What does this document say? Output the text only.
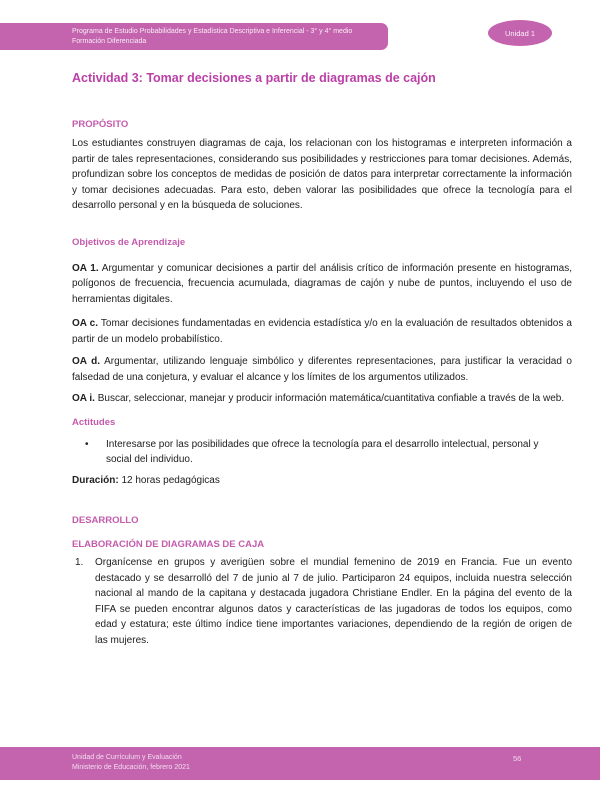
Programa de Estudio Probabilidades y Estadística Descriptiva e Inferencial - 3° y 4° medio
Formación Diferenciada
Unidad 1
Actividad 3: Tomar decisiones a partir de diagramas de cajón
PROPÓSITO

Los estudiantes construyen diagramas de caja, los relacionan con los histogramas e interpreten información a partir de tales representaciones, considerando sus posibilidades y restricciones para tomar decisiones. Además, profundizan sobre los conceptos de medidas de posición de datos para interpretar correctamente la información y tomar decisiones adecuadas. Para esto, deben valorar las posibilidades que ofrece la tecnología para el desarrollo personal y en la búsqueda de soluciones.

Objetivos de Aprendizaje

OA 1. Argumentar y comunicar decisiones a partir del análisis crítico de información presente en histogramas, polígonos de frecuencia, frecuencia acumulada, diagramas de cajón y nube de puntos, incluyendo el uso de herramientas digitales.

OA c. Tomar decisiones fundamentadas en evidencia estadística y/o en la evaluación de resultados obtenidos a partir de un modelo probabilístico.

OA d. Argumentar, utilizando lenguaje simbólico y diferentes representaciones, para justificar la veracidad o falsedad de una conjetura, y evaluar el alcance y los límites de los argumentos utilizados.

OA i. Buscar, seleccionar, manejar y producir información matemática/cuantitativa confiable a través de la web.

Actitudes
•	Interesarse por las posibilidades que ofrece la tecnología para el desarrollo intelectual, personal y social del individuo.

Duración: 12 horas pedagógicas

DESARROLLO
ELABORACIÓN DE DIAGRAMAS DE CAJA
1.	Organícense en grupos y averigüen sobre el mundial femenino de 2019 en Francia. Fue un evento destacado y se desarrolló del 7 de junio al 7 de julio. Participaron 24 equipos, incluida nuestra selección nacional al mando de la capitana y destacada jugadora Christiane Endler. En la página del evento de la FIFA se pueden encontrar algunos datos y características de las jugadoras de todos los equipos, como edad y estatura; este último índice tiene importantes variaciones, dependiendo de la región de origen de las mujeres.
Unidad de Currículum y Evaluación
Ministerio de Educación, febrero 2021
56
